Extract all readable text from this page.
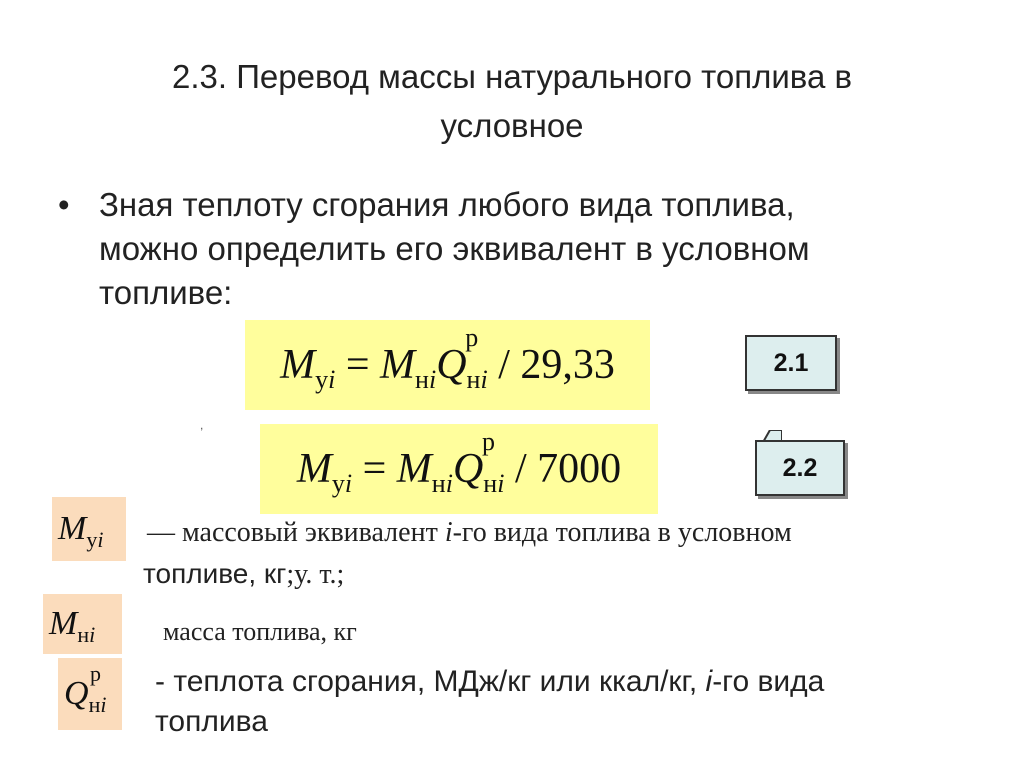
2.3. Перевод массы натурального топлива в
условное
• Зная теплоту сгорания любого вида топлива,
можно определить его эквивалент в условном
топливе:
$M_{уi} = M_{нi}Q$
р
$_{нi}$ / 29,33	2.1
,
$M_{уi} = M_{нi}Q$
р
$_{нi}$ / 7000	2.2
$M_{уi}$ — массовый эквивалент i-го вида топлива в условном
топливе, кг;у. т.;
$M_{нi}$	масса топлива, кг
Q
р
$_{нi}$
- теплота сгорания, МДж/кг или ккал/кг, i-го вида
топлива
